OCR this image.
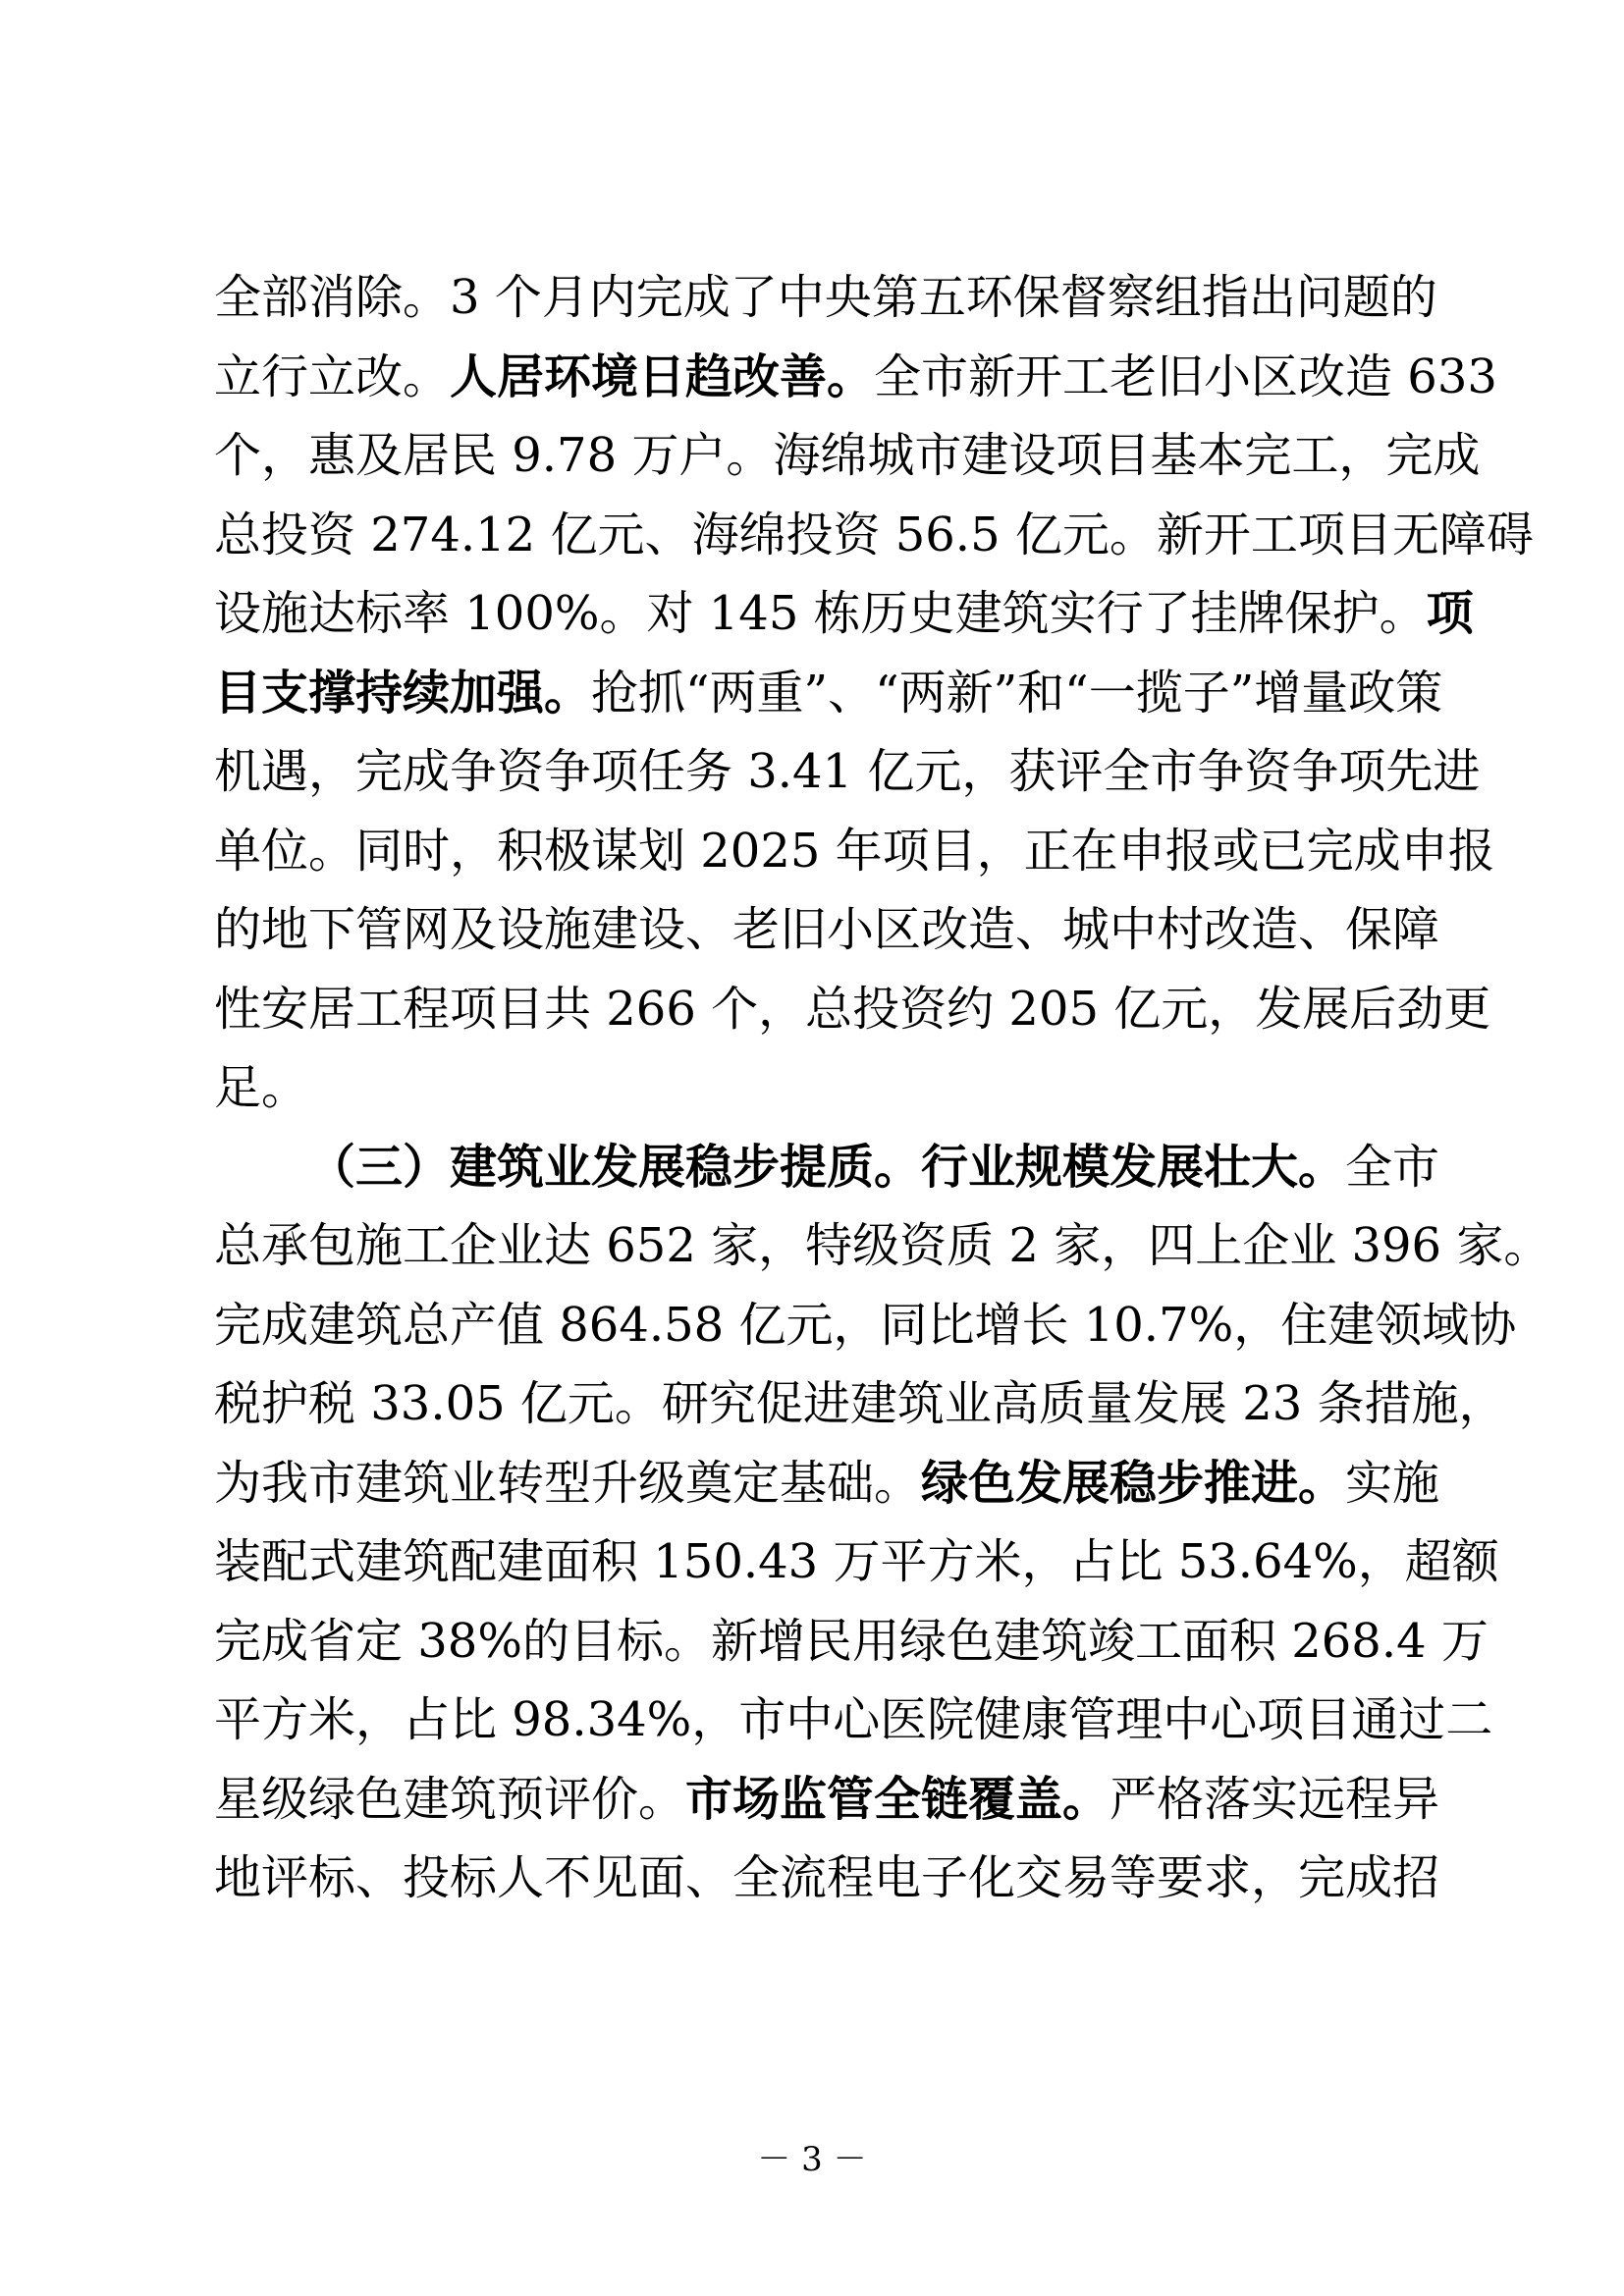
全部消除。3 个月内完成了中央第五环保督察组指出问题的
立行立改。人居环境日趋改善。全市新开工老旧小区改造 633
个，惠及居民 9.78 万户。海绵城市建设项目基本完工，完成
总投资 274.12 亿元、海绵投资 56.5 亿元。新开工项目无障碍
设施达标率 100%。对 145 栋历史建筑实行了挂牌保护。项
目支撑持续加强。抢抓“两重”、“两新”和“一揽子”增量政策
机遇，完成争资争项任务 3.41 亿元，获评全市争资争项先进
单位。同时，积极谋划 2025 年项目，正在申报或已完成申报
的地下管网及设施建设、老旧小区改造、城中村改造、保障
性安居工程项目共 266 个，总投资约 205 亿元，发展后劲更
足。
（三）建筑业发展稳步提质。行业规模发展壮大。全市
总承包施工企业达 652 家，特级资质 2 家，四上企业 396 家。
完成建筑总产值 864.58 亿元，同比增长 10.7%，住建领域协
税护税 33.05 亿元。研究促进建筑业高质量发展 23 条措施，
为我市建筑业转型升级奠定基础。绿色发展稳步推进。实施
装配式建筑配建面积 150.43 万平方米，占比 53.64%，超额
完成省定 38%的目标。新增民用绿色建筑竣工面积 268.4 万
平方米，占比 98.34%，市中心医院健康管理中心项目通过二
星级绿色建筑预评价。市场监管全链覆盖。严格落实远程异
地评标、投标人不见面、全流程电子化交易等要求，完成招
－ 3 －
